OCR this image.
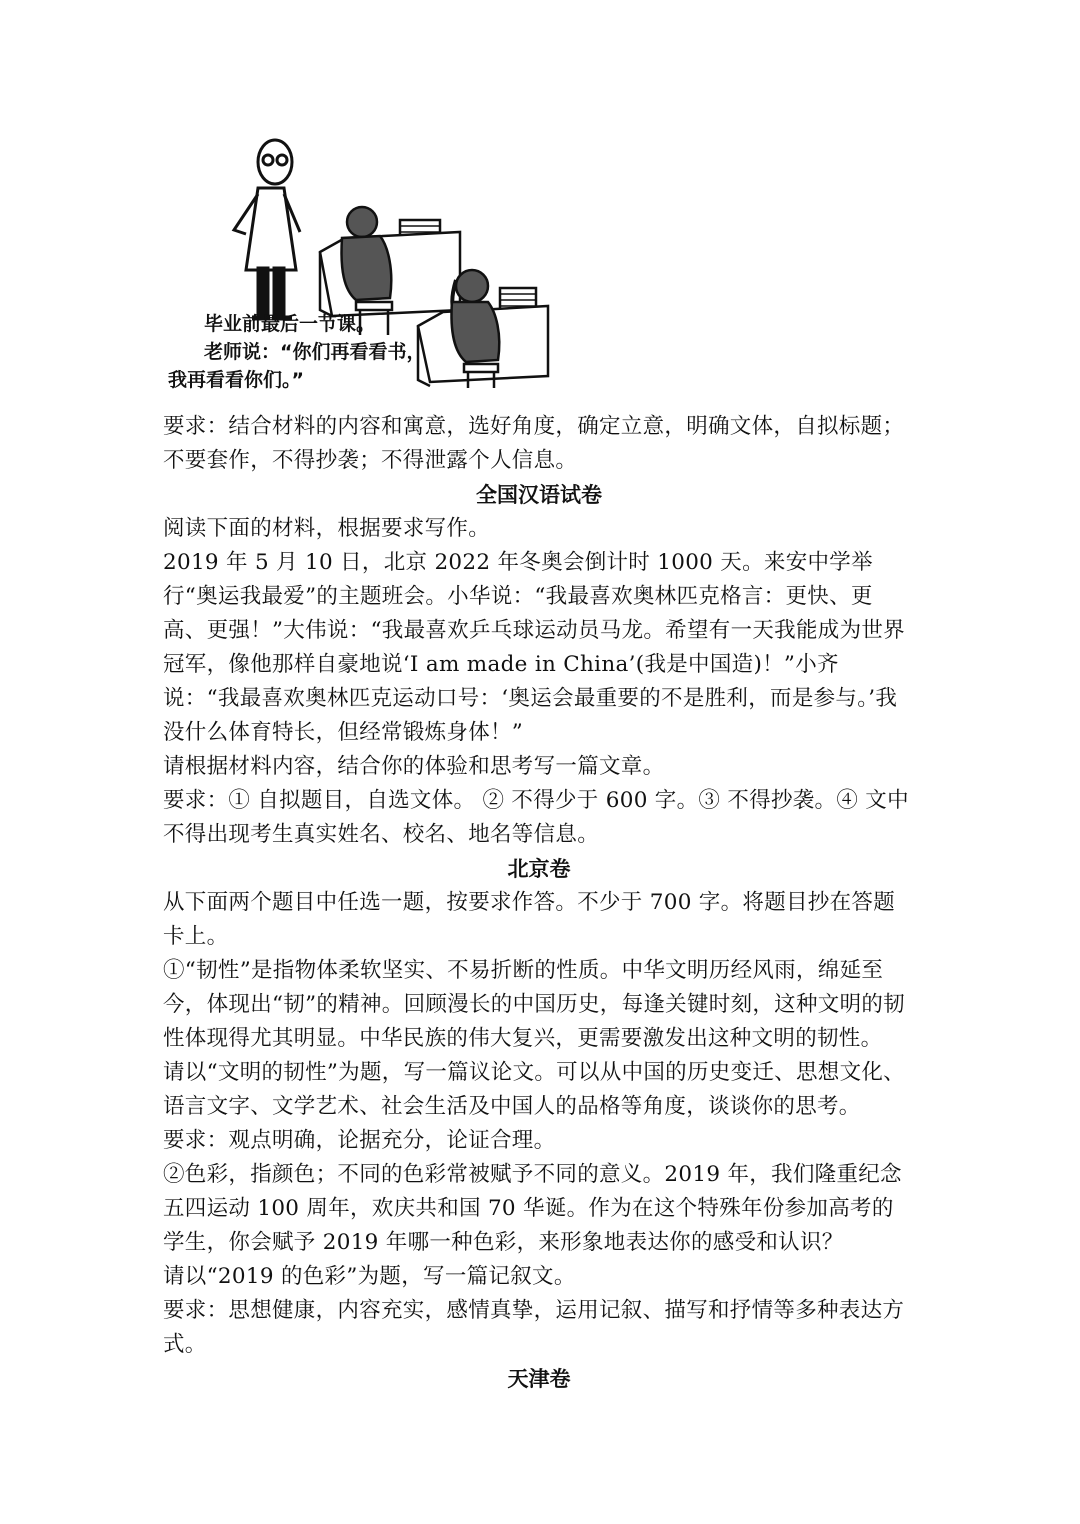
毕业前最后一节课。
老师说：“你们再看看书，
我再看看你们。”

要求：结合材料的内容和寓意，选好角度，确定立意，明确文体，自拟标题；不要套作，不得抄袭；不得泄露个人信息。

全国汉语试卷

阅读下面的材料，根据要求写作。

2019 年 5 月 10 日，北京 2022 年冬奥会倒计时 1000 天。来安中学举行“奥运我最爱”的主题班会。小华说：“我最喜欢奥林匹克格言：更快、更高、更强！”大伟说：“我最喜欢乒乓球运动员马龙。希望有一天我能成为世界冠军，像他那样自豪地说‘I am made in China’(我是中国造)！”小齐说：“我最喜欢奥林匹克运动口号：‘奥运会最重要的不是胜利，而是参与。’我没什么体育特长，但经常锻炼身体！”

请根据材料内容，结合你的体验和思考写一篇文章。

要求：① 自拟题目，自选文体。 ② 不得少于 600 字。③ 不得抄袭。④ 文中不得出现考生真实姓名、校名、地名等信息。

北京卷

从下面两个题目中任选一题，按要求作答。不少于 700 字。将题目抄在答题卡上。

①“韧性”是指物体柔软坚实、不易折断的性质。中华文明历经风雨，绵延至今，体现出“韧”的精神。回顾漫长的中国历史，每逢关键时刻，这种文明的韧性体现得尤其明显。中华民族的伟大复兴，更需要激发出这种文明的韧性。

请以“文明的韧性”为题，写一篇议论文。可以从中国的历史变迁、思想文化、语言文字、文学艺术、社会生活及中国人的品格等角度，谈谈你的思考。

要求：观点明确，论据充分，论证合理。

②色彩，指颜色；不同的色彩常被赋予不同的意义。2019 年，我们隆重纪念五四运动 100 周年，欢庆共和国 70 华诞。作为在这个特殊年份参加高考的学生，你会赋予 2019 年哪一种色彩，来形象地表达你的感受和认识？

请以“2019 的色彩”为题，写一篇记叙文。

要求：思想健康，内容充实，感情真挚，运用记叙、描写和抒情等多种表达方式。

天津卷
